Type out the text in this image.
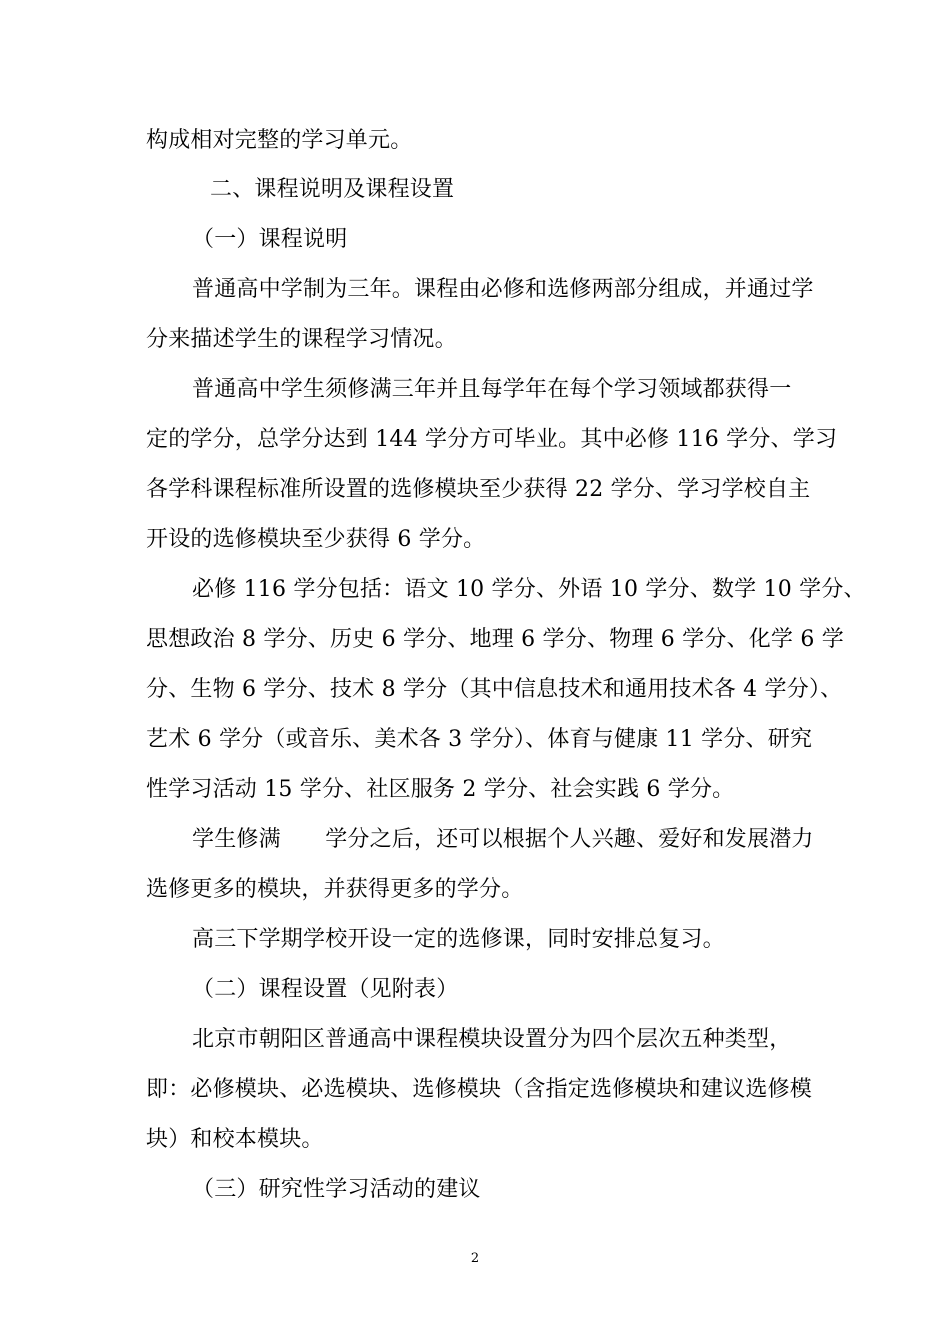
构成相对完整的学习单元。
二、课程说明及课程设置
（一）课程说明
普通高中学制为三年。课程由必修和选修两部分组成，并通过学
分来描述学生的课程学习情况。
普通高中学生须修满三年并且每学年在每个学习领域都获得一
定的学分，总学分达到 144 学分方可毕业。其中必修 116 学分、学习
各学科课程标准所设置的选修模块至少获得 22 学分、学习学校自主
开设的选修模块至少获得 6 学分。
必修 116 学分包括：语文 10 学分、外语 10 学分、数学 10 学分、
思想政治 8 学分、历史 6 学分、地理 6 学分、物理 6 学分、化学 6 学
分、生物 6 学分、技术 8 学分（其中信息技术和通用技术各 4 学分）、
艺术 6 学分（或音乐、美术各 3 学分）、体育与健康 11 学分、研究
性学习活动 15 学分、社区服务 2 学分、社会实践 6 学分。
学生修满　　学分之后，还可以根据个人兴趣、爱好和发展潜力
选修更多的模块，并获得更多的学分。
高三下学期学校开设一定的选修课，同时安排总复习。
（二）课程设置（见附表）
北京市朝阳区普通高中课程模块设置分为四个层次五种类型，
即：必修模块、必选模块、选修模块（含指定选修模块和建议选修模
块）和校本模块。
（三）研究性学习活动的建议
2
